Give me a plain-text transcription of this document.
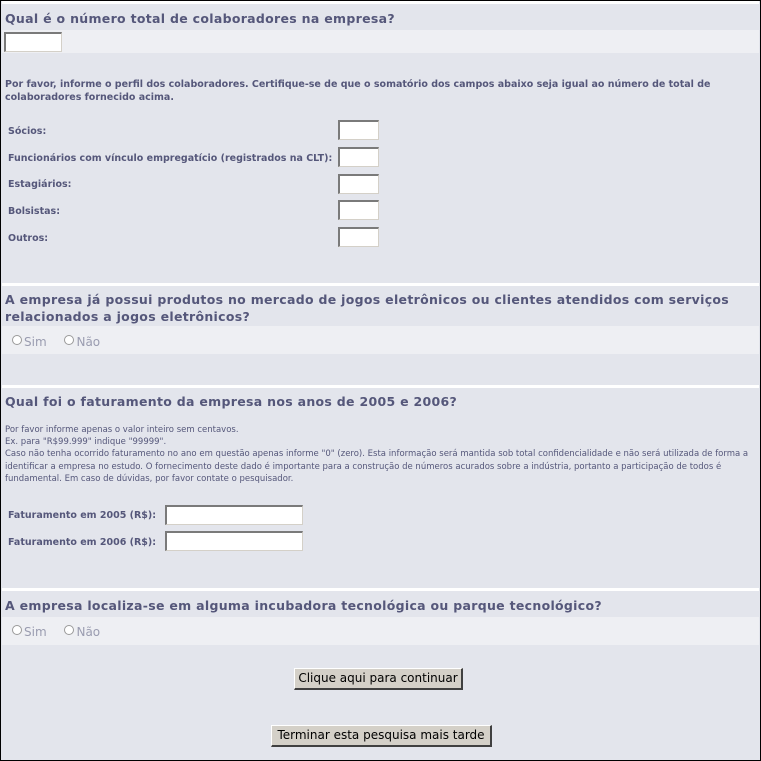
Qual é o número total de colaboradores na empresa?
Por favor, informe o perfil dos colaboradores. Certifique-se de que o somatório dos campos abaixo seja igual ao número de total de colaboradores fornecido acima.
Sócios:
Funcionários com vínculo empregatício (registrados na CLT):
Estagiários:
Bolsistas:
Outros:
A empresa já possui produtos no mercado de jogos eletrônicos ou clientes atendidos com serviços relacionados a jogos eletrônicos?
Sim
Não
Qual foi o faturamento da empresa nos anos de 2005 e 2006?
Por favor informe apenas o valor inteiro sem centavos.
Ex. para "R$99.999" indique "99999".
Caso não tenha ocorrido faturamento no ano em questão apenas informe "0" (zero). Esta informação será mantida sob total confidencialidade e não será utilizada de forma a identificar a empresa no estudo. O fornecimento deste dado é importante para a construção de números acurados sobre a indústria, portanto a participação de todos é fundamental. Em caso de dúvidas, por favor contate o pesquisador.
Faturamento em 2005 (R$):
Faturamento em 2006 (R$):
A empresa localiza-se em alguma incubadora tecnológica ou parque tecnológico?
Sim
Não
Clique aqui para continuar
Terminar esta pesquisa mais tarde
